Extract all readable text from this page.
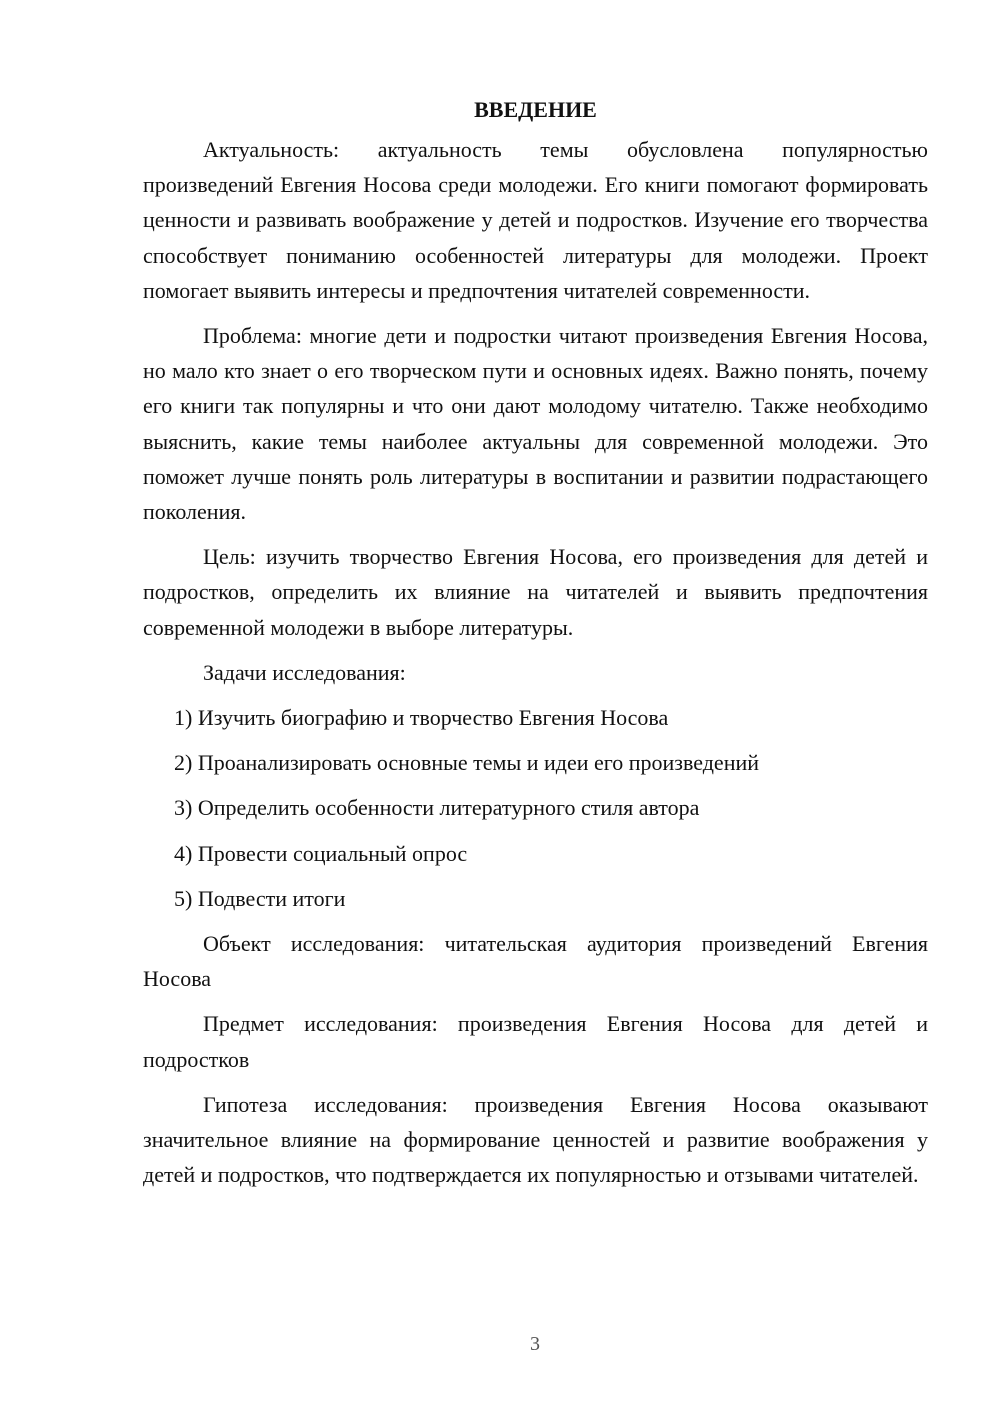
ВВЕДЕНИЕ

Актуальность: актуальность темы обусловлена популярностью произведений Евгения Носова среди молодежи. Его книги помогают формировать ценности и развивать воображение у детей и подростков. Изучение его творчества способствует пониманию особенностей литературы для молодежи. Проект помогает выявить интересы и предпочтения читателей современности.

Проблема: многие дети и подростки читают произведения Евгения Носова, но мало кто знает о его творческом пути и основных идеях. Важно понять, почему его книги так популярны и что они дают молодому читателю. Также необходимо выяснить, какие темы наиболее актуальны для современной молодежи. Это поможет лучше понять роль литературы в воспитании и развитии подрастающего поколения.

Цель: изучить творчество Евгения Носова, его произведения для детей и подростков, определить их влияние на читателей и выявить предпочтения современной молодежи в выборе литературы.

Задачи исследования:

1) Изучить биографию и творчество Евгения Носова
2) Проанализировать основные темы и идеи его произведений
3) Определить особенности литературного стиля автора
4) Провести социальный опрос
5) Подвести итоги

Объект исследования: читательская аудитория произведений Евгения Носова

Предмет исследования: произведения Евгения Носова для детей и подростков

Гипотеза исследования: произведения Евгения Носова оказывают значительное влияние на формирование ценностей и развитие воображения у детей и подростков, что подтверждается их популярностью и отзывами читателей.

3
